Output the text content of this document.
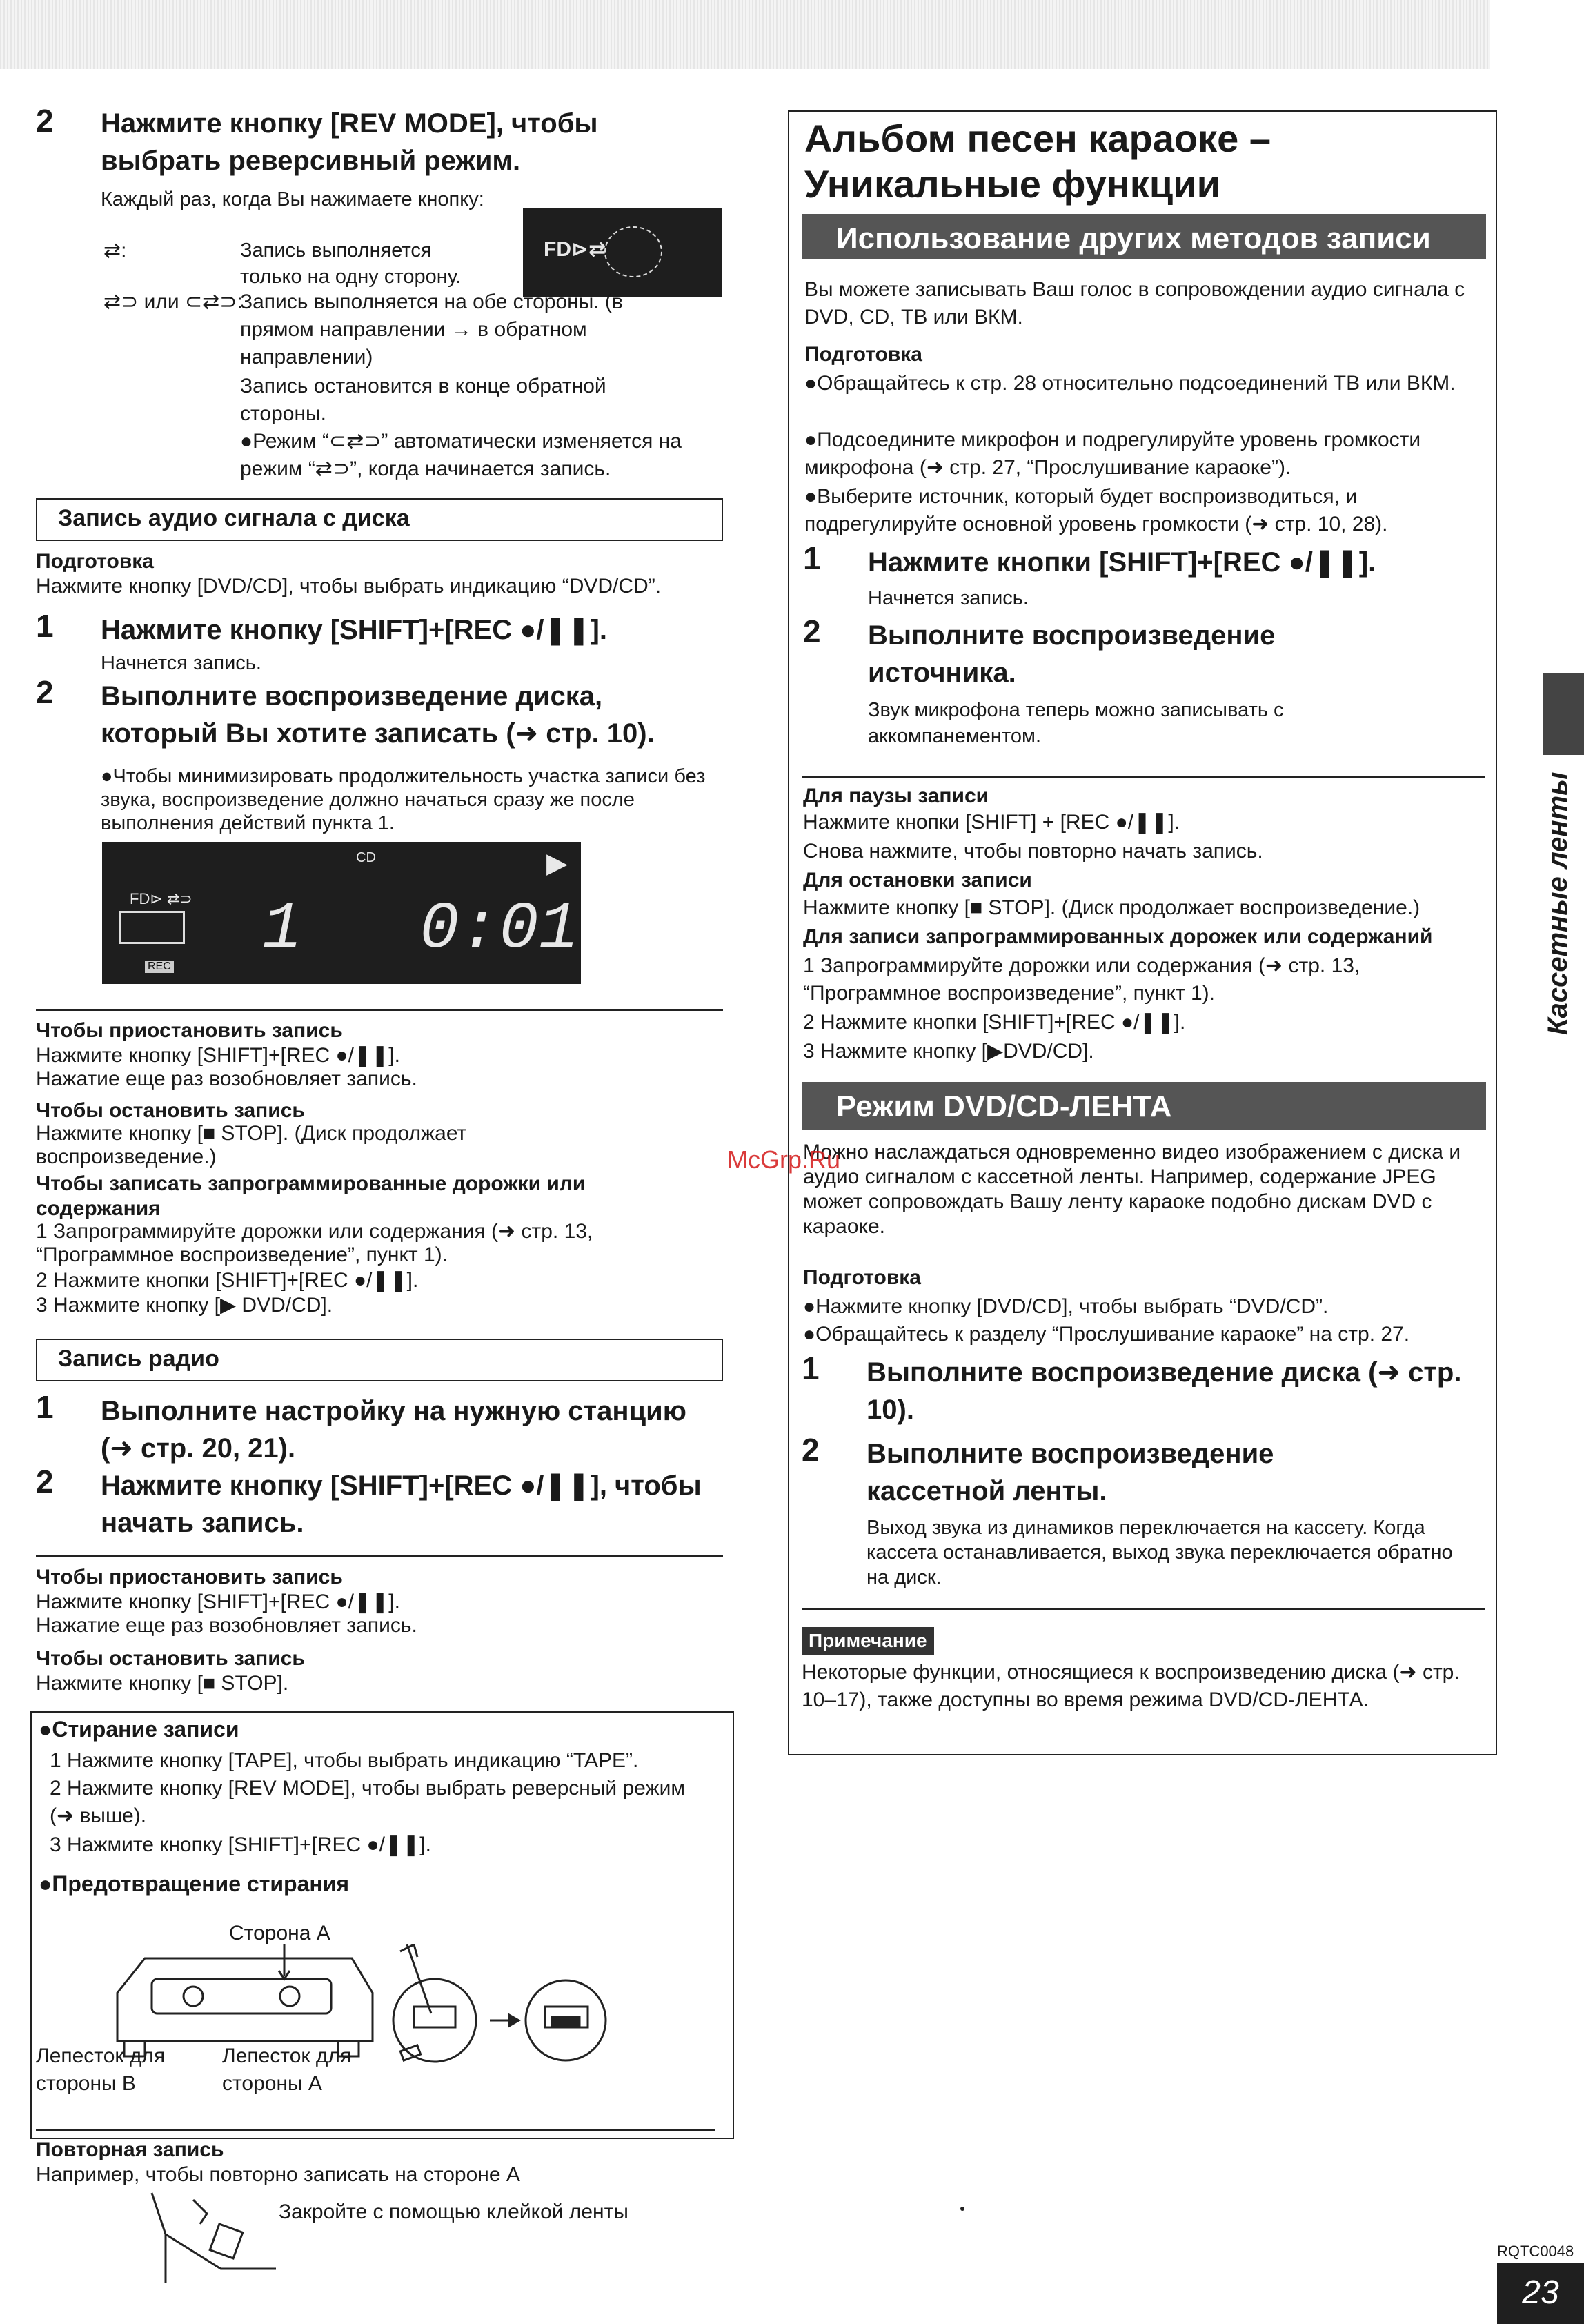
2 Нажмите кнопку [REV MODE], чтобы выбрать реверсивный режим.
Каждый раз, когда Вы нажимаете кнопку:
⇄:	Запись выполняется только на одну сторону.
FD⊳⇄
⇄⊃ или ⊂⇄⊃:
Запись выполняется на обе стороны. (в прямом направлении → в обратном направлении)
Запись остановится в конце обратной стороны.
●Режим “⊂⇄⊃” автоматически изменяется на режим “⇄⊃”, когда начинается запись.
Запись аудио сигнала с диска
Подготовка
Нажмите кнопку [DVD/CD], чтобы выбрать индикацию “DVD/CD”.
1 Нажмите кнопку [SHIFT]+[REC ●/❚❚].
Начнется запись.
2 Выполните воспроизведение диска, который Вы хотите записать (➜ стр. 10).
●Чтобы минимизировать продолжительность участка записи без звука, воспроизведение должно начаться сразу же после выполнения действий пункта 1.
CD	▶
FD⊳ ⇄⊃ 1 0:01
REC
Чтобы приостановить запись
Нажмите кнопку [SHIFT]+[REC ●/❚❚].
Нажатие еще раз возобновляет запись.
Чтобы остановить запись
Нажмите кнопку [■ STOP]. (Диск продолжает воспроизведение.)
Чтобы записать запрограммированные дорожки или содержания
1 Запрограммируйте дорожки или содержания (➜ стр. 13, “Программное воспроизведение”, пункт 1).
2 Нажмите кнопки [SHIFT]+[REC ●/❚❚].
3 Нажмите кнопку [▶ DVD/CD].
Запись радио
1 Выполните настройку на нужную станцию (➜ стр. 20, 21).
2 Нажмите кнопку [SHIFT]+[REC ●/❚❚], чтобы начать запись.
Чтобы приостановить запись
Нажмите кнопку [SHIFT]+[REC ●/❚❚].
Нажатие еще раз возобновляет запись.
Чтобы остановить запись
Нажмите кнопку [■ STOP].
●Стирание записи
1 Нажмите кнопку [TAPE], чтобы выбрать индикацию “TAPE”.
2 Нажмите кнопку [REV MODE], чтобы выбрать реверсный режим (➜ выше).
3 Нажмите кнопку [SHIFT]+[REC ●/❚❚].
●Предотвращение стирания
Сторона А
Лепесток для стороны B
Лепесток для стороны A
Повторная запись
Например, чтобы повторно записать на стороне А
Закройте с помощью клейкой ленты
Альбом песен караоке – Уникальные функции
Использование других методов записи
Вы можете записывать Ваш голос в сопровождении аудио сигнала с DVD, CD, ТВ или ВКМ.
Подготовка
●Обращайтесь к стр. 28 относительно подсоединений ТВ или ВКМ.
●Подсоедините микрофон и подрегулируйте уровень громкости микрофона (➜ стр. 27, “Прослушивание караоке”).
●Выберите источник, который будет воспроизводиться, и подрегулируйте основной уровень громкости (➜ стр. 10, 28).
1 Нажмите кнопки [SHIFT]+[REC ●/❚❚].
Начнется запись.
2 Выполните воспроизведение источника.
Звук микрофона теперь можно записывать с аккомпанементом.
Для паузы записи
Нажмите кнопки [SHIFT] + [REC ●/❚❚].
Снова нажмите, чтобы повторно начать запись.
Для остановки записи
Нажмите кнопку [■ STOP]. (Диск продолжает воспроизведение.)
Для записи запрограммированных дорожек или содержаний
1 Запрограммируйте дорожки или содержания (➜ стр. 13, “Программное воспроизведение”, пункт 1).
2 Нажмите кнопки [SHIFT]+[REC ●/❚❚].
3 Нажмите кнопку [▶DVD/CD].
Режим DVD/CD-ЛЕНТА
Можно наслаждаться одновременно видео изображением с диска и аудио сигналом с кассетной ленты. Например, содержание JPEG может сопровождать Вашу ленту караоке подобно дискам DVD с караоке.
Подготовка
●Нажмите кнопку [DVD/CD], чтобы выбрать “DVD/CD”.
●Обращайтесь к разделу “Прослушивание караоке” на стр. 27.
1 Выполните воспроизведение диска (➜ стр. 10).
2 Выполните воспроизведение кассетной ленты.
Выход звука из динамиков переключается на кассету. Когда кассета останавливается, выход звука переключается обратно на диск.
Примечание
Некоторые функции, относящиеся к воспроизведению диска (➜ стр. 10–17), также доступны во время режима DVD/CD-ЛЕНТА.
McGrp.Ru
Кассетные ленты
RQTC0048
23
